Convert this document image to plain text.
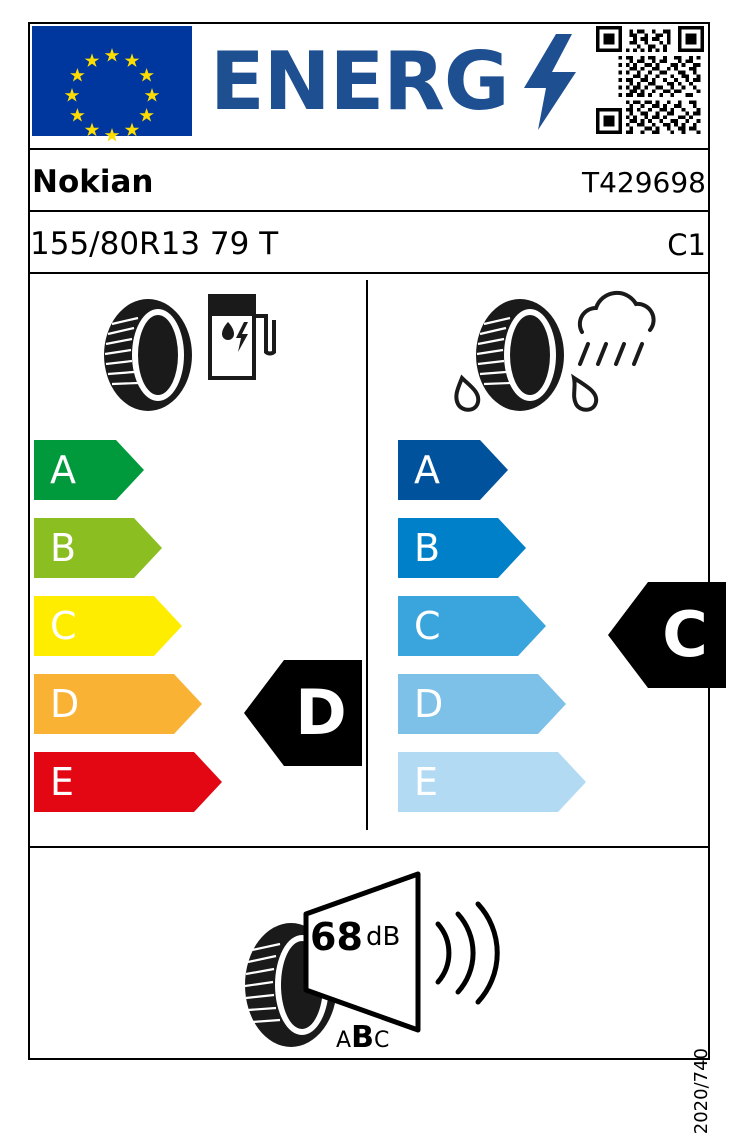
ENERG
Nokian	T429698
155/80R13 79 T	C1
A
B
C
D
E
D
A
B
C
D
E
C
68 dB
ABC
2020/740
